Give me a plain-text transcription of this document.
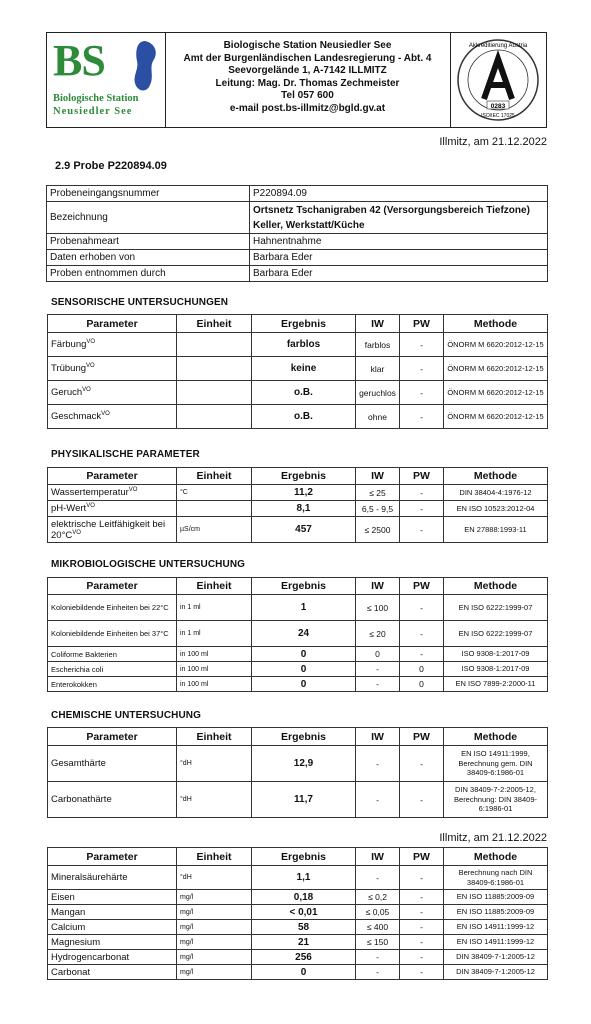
BS
Biologische Station
Neusiedler See
Biologische Station Neusiedler See
Amt der Burgenländischen Landesregierung - Abt. 4
Seevorgelände 1, A-7142 ILLMITZ
Leitung: Mag. Dr. Thomas Zechmeister
Tel 057 600
e-mail post.bs-illmitz@bgld.gv.at
Akkreditierung Austria
0283
ISO/IEC 17025
Illmitz, am 21.12.2022
2.9 Probe P220894.09
Probeneingangsnummer	P220894.09
Bezeichnung	Ortsnetz Tschanigraben 42 (Versorgungsbereich Tiefzone) Keller, Werkstatt/Küche
Probenahmeart	Hahnentnahme
Daten erhoben von	Barbara Eder
Proben entnommen durch	Barbara Eder
SENSORISCHE UNTERSUCHUNGEN
PHYSIKALISCHE PARAMETER
MIKROBIOLOGISCHE UNTERSUCHUNG
CHEMISCHE UNTERSUCHUNG
Illmitz, am 21.12.2022
Parameter	Einheit	Ergebnis	IW	PW	Methode
Färbung$^{VO}$		farblos	farblos	-	ÖNORM M 6620:2012-12-15
Trübung$^{VO}$		keine	klar	-	ÖNORM M 6620:2012-12-15
Geruch$^{VO}$		o.B.	geruchlos	-	ÖNORM M 6620:2012-12-15
Geschmack$^{VO}$		o.B.	ohne	-	ÖNORM M 6620:2012-12-15
Parameter	Einheit	Ergebnis	IW	PW	Methode
Wassertemperatur$^{VO}$	°C	11,2	≤ 25	-	DIN 38404-4:1976-12
pH-Wert$^{VO}$		8,1	6,5 - 9,5	-	EN ISO 10523:2012-04
elektrische Leitfähigkeit bei $20^\circ C^{VO}$	µS/cm	457	≤ 2500	-	EN 27888:1993-11
Parameter	Einheit	Ergebnis	IW	PW	Methode
Koloniebildende Einheiten bei 22°C	in 1 ml	1	≤ 100	-	EN ISO 6222:1999-07
Koloniebildende Einheiten bei 37°C	in 1 ml	24	≤ 20	-	EN ISO 6222:1999-07
Coliforme Bakterien	in 100 ml	0	0	-	ISO 9308-1:2017-09
Escherichia coli	in 100 ml	0	-	0	ISO 9308-1:2017-09
Enterokokken	in 100 ml	0	-	0	EN ISO 7899-2:2000-11
Parameter	Einheit	Ergebnis	IW	PW	Methode
Gesamthärte	°dH	12,9	-	-	EN ISO 14911:1999, Berechnung gem. DIN 38409-6:1986-01
Carbonathärte	°dH	11,7	-	-	DIN 38409-7-2:2005-12, Berechnung: DIN 38409-6:1986-01
Parameter	Einheit	Ergebnis	IW	PW	Methode
Mineralsäurehärte	°dH	1,1	-	-	Berechnung nach DIN 38409-6:1986-01
Eisen	mg/l	0,18	≤ 0,2	-	EN ISO 11885:2009-09
Mangan	mg/l	< 0,01	≤ 0,05	-	EN ISO 11885:2009-09
Calcium	mg/l	58	≤ 400	-	EN ISO 14911:1999-12
Magnesium	mg/l	21	≤ 150	-	EN ISO 14911:1999-12
Hydrogencarbonat	mg/l	256	-	-	DIN 38409-7-1:2005-12
Carbonat	mg/l	0	-	-	DIN 38409-7-1:2005-12
